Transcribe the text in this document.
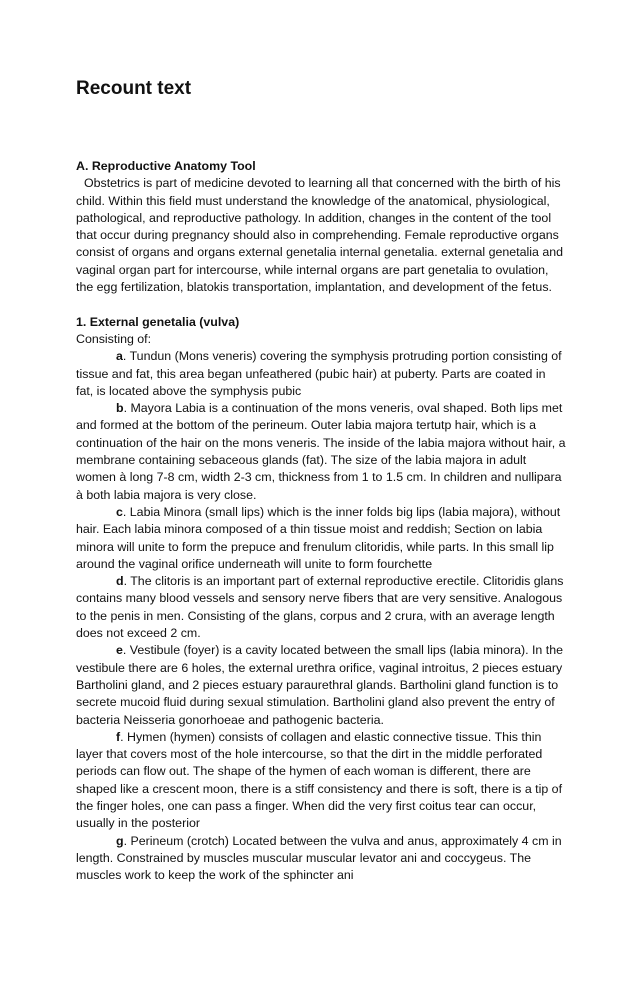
Recount text

A. Reproductive Anatomy Tool

Obstetrics is part of medicine devoted to learning all that concerned with the birth of his child. Within this field must understand the knowledge of the anatomical, physiological, pathological, and reproductive pathology. In addition, changes in the content of the tool that occur during pregnancy should also in comprehending. Female reproductive organs consist of organs and organs external genetalia internal genetalia. external genetalia and vaginal organ part for intercourse, while internal organs are part genetalia to ovulation, the egg fertilization, blatokis transportation, implantation, and development of the fetus.

1. External genetalia (vulva)

Consisting of:

a. Tundun (Mons veneris) covering the symphysis protruding portion consisting of tissue and fat, this area began unfeathered (pubic hair) at puberty. Parts are coated in fat, is located above the symphysis pubic

b. Mayora Labia is a continuation of the mons veneris, oval shaped. Both lips met and formed at the bottom of the perineum. Outer labia majora tertutp hair, which is a continuation of the hair on the mons veneris. The inside of the labia majora without hair, a membrane containing sebaceous glands (fat). The size of the labia majora in adult women à long 7-8 cm, width 2-3 cm, thickness from 1 to 1.5 cm. In children and nullipara à both labia majora is very close.

c. Labia Minora (small lips) which is the inner folds big lips (labia majora), without hair. Each labia minora composed of a thin tissue moist and reddish; Section on labia minora will unite to form the prepuce and frenulum clitoridis, while parts. In this small lip around the vaginal orifice underneath will unite to form fourchette

d. The clitoris is an important part of external reproductive erectile. Clitoridis glans contains many blood vessels and sensory nerve fibers that are very sensitive. Analogous to the penis in men. Consisting of the glans, corpus and 2 crura, with an average length does not exceed 2 cm.

e. Vestibule (foyer) is a cavity located between the small lips (labia minora). In the vestibule there are 6 holes, the external urethra orifice, vaginal introitus, 2 pieces estuary Bartholini gland, and 2 pieces estuary paraurethral glands. Bartholini gland function is to secrete mucoid fluid during sexual stimulation. Bartholini gland also prevent the entry of bacteria Neisseria gonorhoeae and pathogenic bacteria.

f. Hymen (hymen) consists of collagen and elastic connective tissue. This thin layer that covers most of the hole intercourse, so that the dirt in the middle perforated periods can flow out. The shape of the hymen of each woman is different, there are shaped like a crescent moon, there is a stiff consistency and there is soft, there is a tip of the finger holes, one can pass a finger. When did the very first coitus tear can occur, usually in the posterior

g. Perineum (crotch) Located between the vulva and anus, approximately 4 cm in length. Constrained by muscles muscular muscular levator ani and coccygeus. The muscles work to keep the work of the sphincter ani
